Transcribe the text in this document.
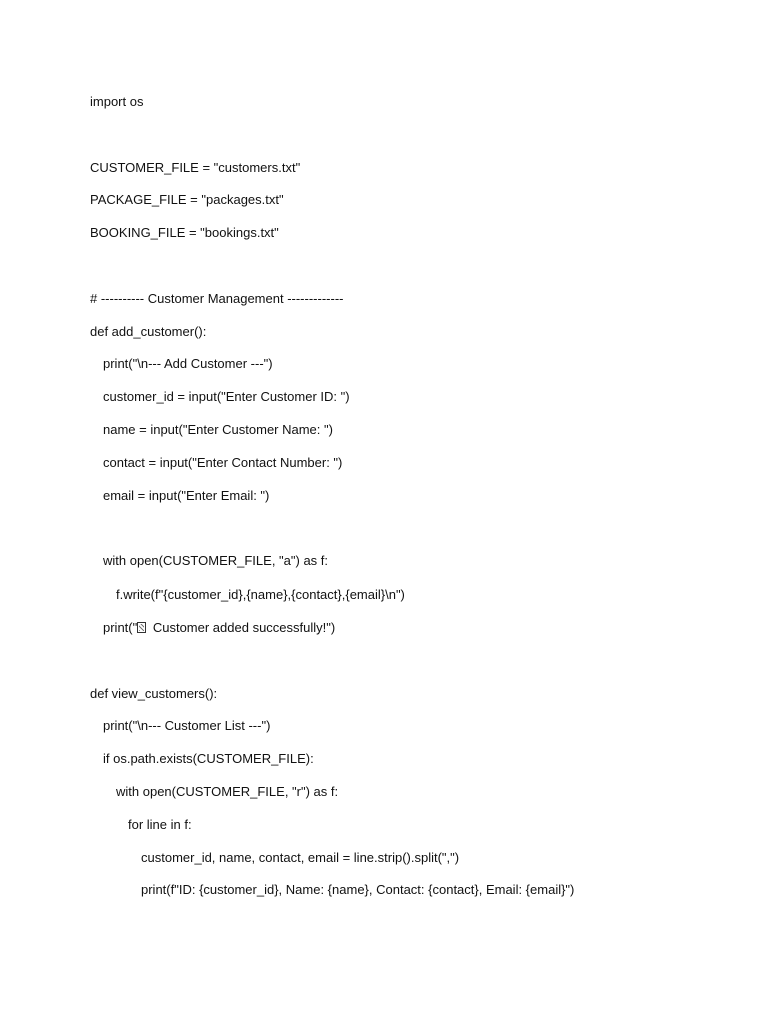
import os
CUSTOMER_FILE = "customers.txt"
PACKAGE_FILE = "packages.txt"
BOOKING_FILE = "bookings.txt"
# ---------- Customer Management -------------
def add_customer():
print("\n--- Add Customer ---")
customer_id = input("Enter Customer ID: ")
name = input("Enter Customer Name: ")
contact = input("Enter Contact Number: ")
email = input("Enter Email: ")
with open(CUSTOMER_FILE, "a") as f:
f.write(f"{customer_id},{name},{contact},{email}\n")
print(" Customer added successfully!")
def view_customers():
print("\n--- Customer List ---")
if os.path.exists(CUSTOMER_FILE):
with open(CUSTOMER_FILE, "r") as f:
for line in f:
customer_id, name, contact, email = line.strip().split(",")
print(f"ID: {customer_id}, Name: {name}, Contact: {contact}, Email: {email}")
